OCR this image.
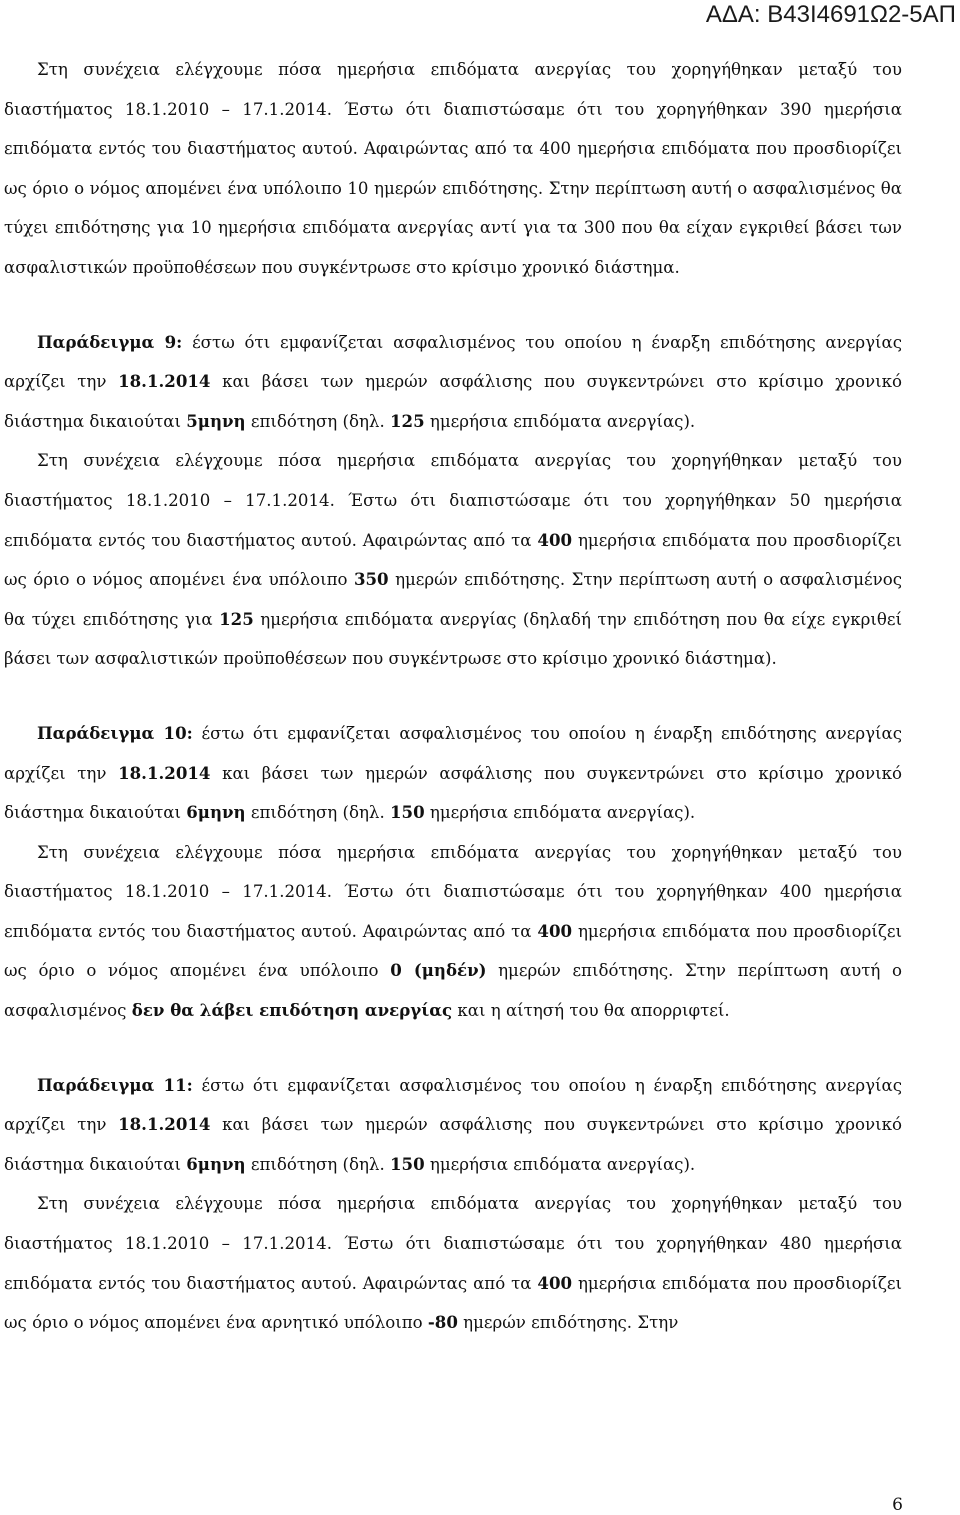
ΑΔΑ: Β43Ι4691Ω2-5ΑΠ

Στη συνέχεια ελέγχουμε πόσα ημερήσια επιδόματα ανεργίας του χορηγήθηκαν μεταξύ του διαστήματος 18.1.2010 – 17.1.2014. Έστω ότι διαπιστώσαμε ότι του χορηγήθηκαν 390 ημερήσια επιδόματα εντός του διαστήματος αυτού. Αφαιρώντας από τα 400 ημερήσια επιδόματα που προσδιορίζει ως όριο ο νόμος απομένει ένα υπόλοιπο 10 ημερών επιδότησης. Στην περίπτωση αυτή ο ασφαλισμένος θα τύχει επιδότησης για 10 ημερήσια επιδόματα ανεργίας αντί για τα 300 που θα είχαν εγκριθεί βάσει των ασφαλιστικών προϋποθέσεων που συγκέντρωσε στο κρίσιμο χρονικό διάστημα.

Παράδειγμα 9: έστω ότι εμφανίζεται ασφαλισμένος του οποίου η έναρξη επιδότησης ανεργίας αρχίζει την 18.1.2014 και βάσει των ημερών ασφάλισης που συγκεντρώνει στο κρίσιμο χρονικό διάστημα δικαιούται 5μηνη επιδότηση (δηλ. 125 ημερήσια επιδόματα ανεργίας).

Στη συνέχεια ελέγχουμε πόσα ημερήσια επιδόματα ανεργίας του χορηγήθηκαν μεταξύ του διαστήματος 18.1.2010 – 17.1.2014. Έστω ότι διαπιστώσαμε ότι του χορηγήθηκαν 50 ημερήσια επιδόματα εντός του διαστήματος αυτού. Αφαιρώντας από τα 400 ημερήσια επιδόματα που προσδιορίζει ως όριο ο νόμος απομένει ένα υπόλοιπο 350 ημερών επιδότησης. Στην περίπτωση αυτή ο ασφαλισμένος θα τύχει επιδότησης για 125 ημερήσια επιδόματα ανεργίας (δηλαδή την επιδότηση που θα είχε εγκριθεί βάσει των ασφαλιστικών προϋποθέσεων που συγκέντρωσε στο κρίσιμο χρονικό διάστημα).

Παράδειγμα 10: έστω ότι εμφανίζεται ασφαλισμένος του οποίου η έναρξη επιδότησης ανεργίας αρχίζει την 18.1.2014 και βάσει των ημερών ασφάλισης που συγκεντρώνει στο κρίσιμο χρονικό διάστημα δικαιούται 6μηνη επιδότηση (δηλ. 150 ημερήσια επιδόματα ανεργίας).

Στη συνέχεια ελέγχουμε πόσα ημερήσια επιδόματα ανεργίας του χορηγήθηκαν μεταξύ του διαστήματος 18.1.2010 – 17.1.2014. Έστω ότι διαπιστώσαμε ότι του χορηγήθηκαν 400 ημερήσια επιδόματα εντός του διαστήματος αυτού. Αφαιρώντας από τα 400 ημερήσια επιδόματα που προσδιορίζει ως όριο ο νόμος απομένει ένα υπόλοιπο 0 (μηδέν) ημερών επιδότησης. Στην περίπτωση αυτή ο ασφαλισμένος δεν θα λάβει επιδότηση ανεργίας και η αίτησή του θα απορριφτεί.

Παράδειγμα 11: έστω ότι εμφανίζεται ασφαλισμένος του οποίου η έναρξη επιδότησης ανεργίας αρχίζει την 18.1.2014 και βάσει των ημερών ασφάλισης που συγκεντρώνει στο κρίσιμο χρονικό διάστημα δικαιούται 6μηνη επιδότηση (δηλ. 150 ημερήσια επιδόματα ανεργίας).

Στη συνέχεια ελέγχουμε πόσα ημερήσια επιδόματα ανεργίας του χορηγήθηκαν μεταξύ του διαστήματος 18.1.2010 – 17.1.2014. Έστω ότι διαπιστώσαμε ότι του χορηγήθηκαν 480 ημερήσια επιδόματα εντός του διαστήματος αυτού. Αφαιρώντας από τα 400 ημερήσια επιδόματα που προσδιορίζει ως όριο ο νόμος απομένει ένα αρνητικό υπόλοιπο -80 ημερών επιδότησης. Στην

6
